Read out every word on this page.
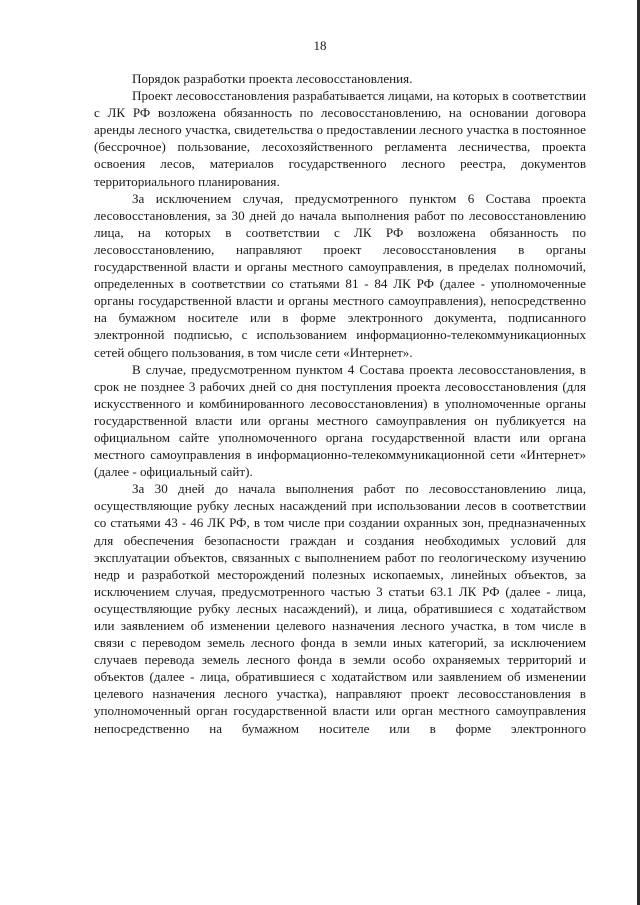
18

Порядок разработки проекта лесовосстановления.

Проект лесовосстановления разрабатывается лицами, на которых в соответствии с ЛК РФ возложена обязанность по лесовосстановлению, на основании договора аренды лесного участка, свидетельства о предоставлении лесного участка в постоянное (бессрочное) пользование, лесохозяйственного регламента лесничества, проекта освоения лесов, материалов государственного лесного реестра, документов территориального планирования.

За исключением случая, предусмотренного пунктом 6 Состава проекта лесовосстановления, за 30 дней до начала выполнения работ по лесовосстановлению лица, на которых в соответствии с ЛК РФ возложена обязанность по лесовосстановлению, направляют проект лесовосстановления в органы государственной власти и органы местного самоуправления, в пределах полномочий, определенных в соответствии со статьями 81 - 84 ЛК РФ (далее - уполномоченные органы государственной власти и органы местного самоуправления), непосредственно на бумажном носителе или в форме электронного документа, подписанного электронной подписью, с использованием информационно-телекоммуникационных сетей общего пользования, в том числе сети «Интернет».

В случае, предусмотренном пунктом 4 Состава проекта лесовосстановления, в срок не позднее 3 рабочих дней со дня поступления проекта лесовосстановления (для искусственного и комбинированного лесовосстановления) в уполномоченные органы государственной власти или органы местного самоуправления он публикуется на официальном сайте уполномоченного органа государственной власти или органа местного самоуправления в информационно-телекоммуникационной сети «Интернет» (далее - официальный сайт).

За 30 дней до начала выполнения работ по лесовосстановлению лица, осуществляющие рубку лесных насаждений при использовании лесов в соответствии со статьями 43 - 46 ЛК РФ, в том числе при создании охранных зон, предназначенных для обеспечения безопасности граждан и создания необходимых условий для эксплуатации объектов, связанных с выполнением работ по геологическому изучению недр и разработкой месторождений полезных ископаемых, линейных объектов, за исключением случая, предусмотренного частью 3 статьи 63.1 ЛК РФ (далее - лица, осуществляющие рубку лесных насаждений), и лица, обратившиеся с ходатайством или заявлением об изменении целевого назначения лесного участка, в том числе в связи с переводом земель лесного фонда в земли иных категорий, за исключением случаев перевода земель лесного фонда в земли особо охраняемых территорий и объектов (далее - лица, обратившиеся с ходатайством или заявлением об изменении целевого назначения лесного участка), направляют проект лесовосстановления в уполномоченный орган государственной власти или орган местного самоуправления непосредственно на бумажном носителе или в форме электронного
